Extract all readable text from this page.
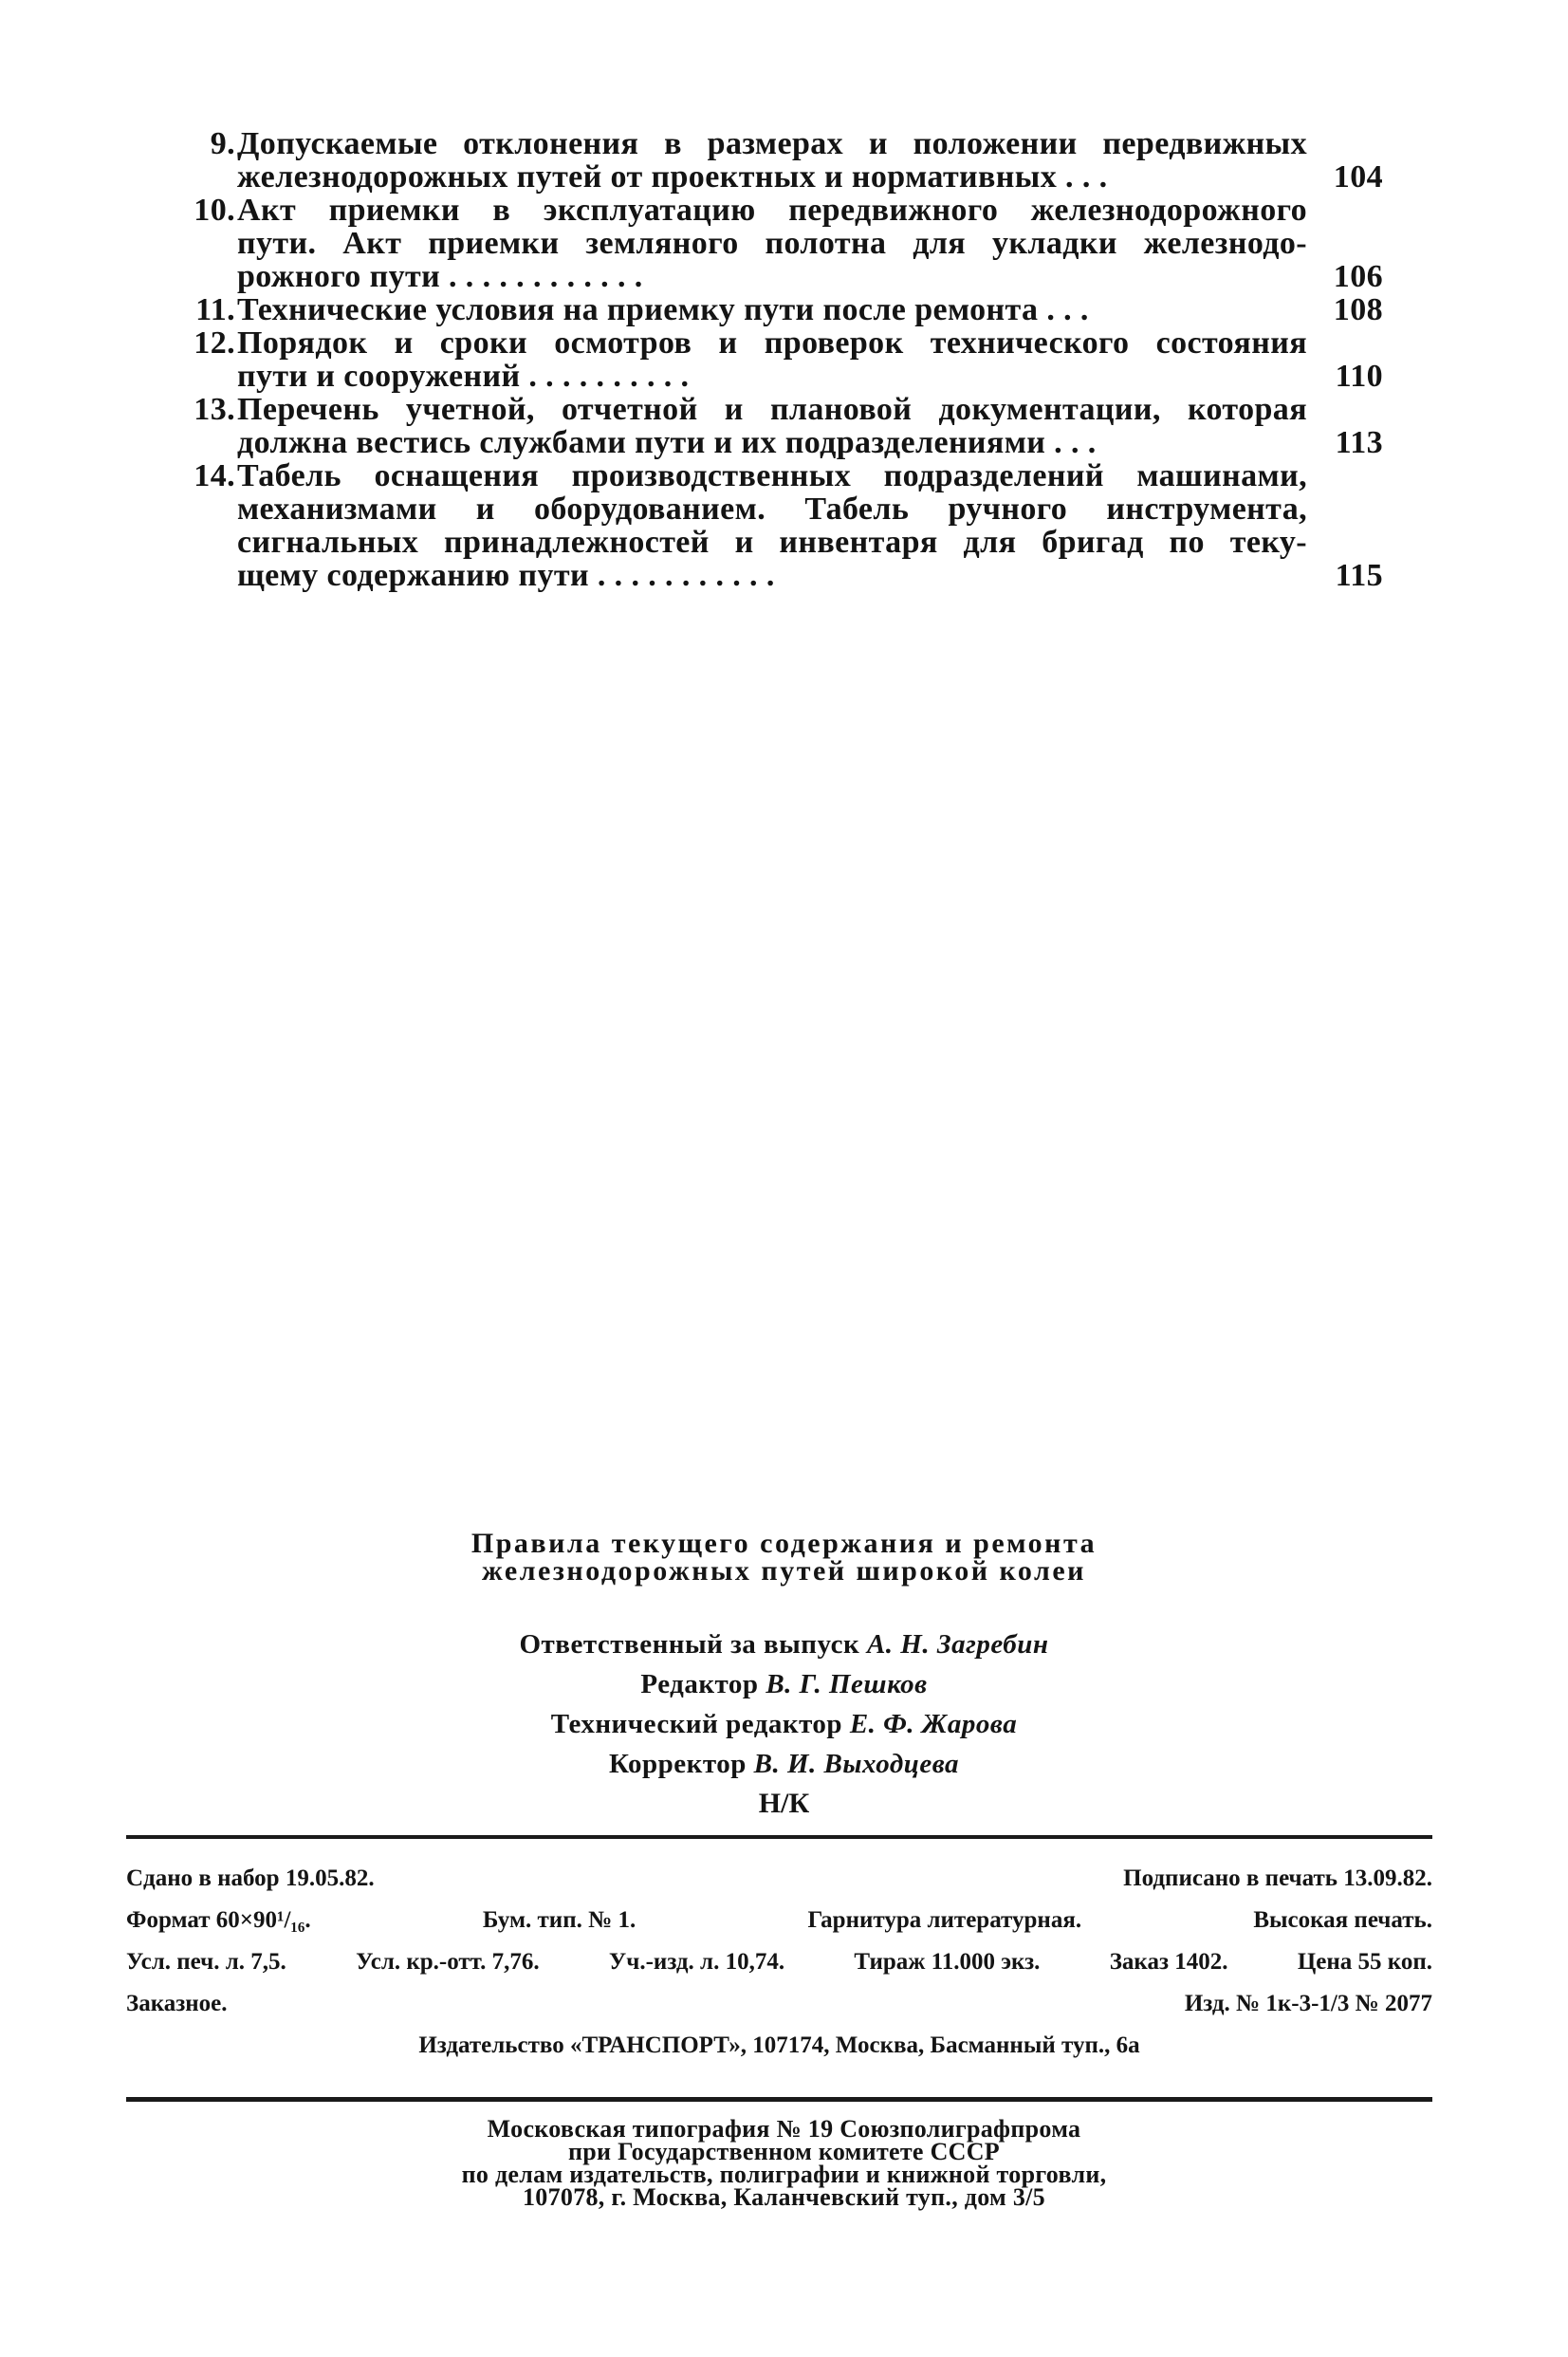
9. Допускаемые отклонения в размерах и положении передвижных
железнодорожных путей от проектных и нормативных . . .	104
10. Акт приемки в эксплуатацию передвижного железнодорожного
пути. Акт приемки земляного полотна для укладки железнодо-
рожного пути . . . . . . . . . . . .	106
11. Технические условия на приемку пути после ремонта . . .	108
12. Порядок и сроки осмотров и проверок технического состояния
пути и сооружений . . . . . . . . . .	110
13. Перечень учетной, отчетной и плановой документации, которая
должна вестись службами пути и их подразделениями . . .	113
14. Табель оснащения производственных подразделений машинами,
механизмами и оборудованием. Табель ручного инструмента,
сигнальных принадлежностей и инвентаря для бригад по теку-
щему содержанию пути . . . . . . . . . . .	115
Правила текущего содержания и ремонта
железнодорожных путей широкой колеи
Ответственный за выпуск А. Н. Загребин
Редактор В. Г. Пешков
Технический редактор Е. Ф. Жарова
Корректор В. И. Выходцева
Н/К
Сдано в набор 19.05.82.	Подписано в печать 13.09.82.
Формат 60×90¹/₁₆.	Бум. тип. № 1.	Гарнитура литературная.	Высокая печать.
Усл. печ. л. 7,5.	Усл. кр.-отт. 7,76.	Уч.-изд. л. 10,74.	Тираж 11.000 экз.	Заказ 1402.	Цена 55 коп.
Заказное.	Изд. № 1к-3-1/3 № 2077
Издательство «ТРАНСПОРТ», 107174, Москва, Басманный туп., 6а
Московская типография № 19 Союзполиграфпрома
при Государственном комитете СССР
по делам издательств, полиграфии и книжной торговли,
107078, г. Москва, Каланчевский туп., дом 3/5
